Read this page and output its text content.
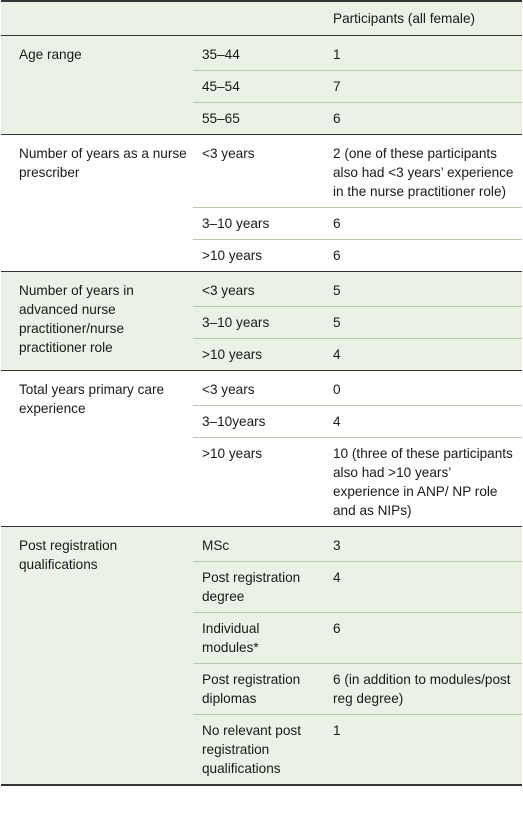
		Participants (all female)
Age range	35–44	1
	45–54	7
	55–65	6
Number of years as a nurse prescriber	<3 years	2 (one of these participants also had <3 years’ experience in the nurse practitioner role)
	3–10 years	6
	>10 years	6
Number of years in advanced nurse practitioner/nurse practitioner role	<3 years	5
	3–10 years	5
	>10 years	4
Total years primary care experience	<3 years	0
	3–10years	4
	>10 years	10 (three of these participants also had >10 years’ experience in ANP/ NP role and as NIPs)
Post registration qualifications	MSc	3
	Post registration degree	4
	Individual modules*	6
	Post registration diplomas	6 (in addition to modules/post reg degree)
	No relevant post registration qualifications	1
